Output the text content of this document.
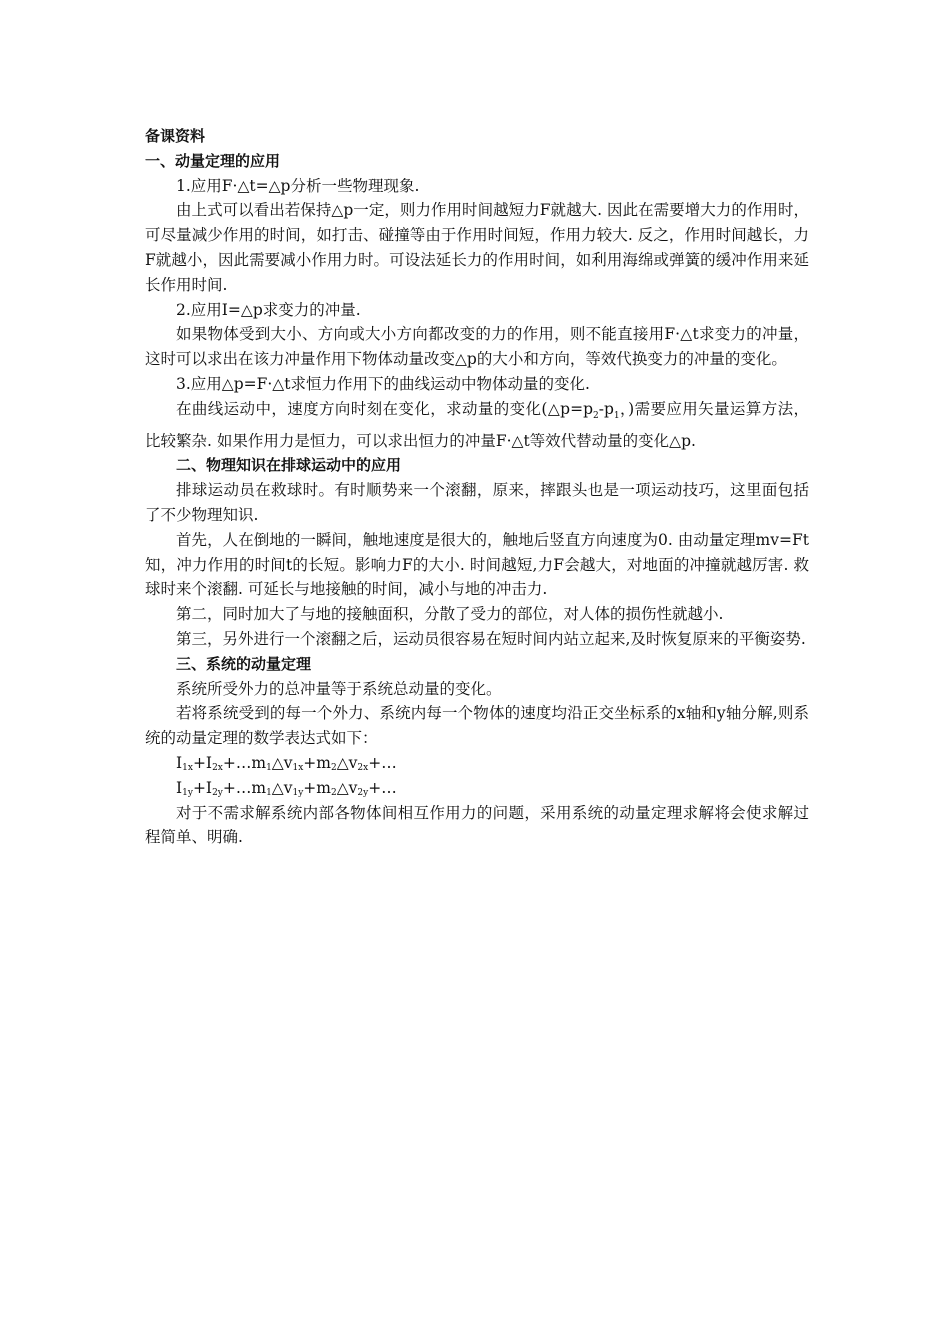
备课资料

一、动量定理的应用

1.应用F·△t=△p分析一些物理现象.

由上式可以看出若保持△p一定，则力作用时间越短力F就越大. 因此在需要增大力的作用时，可尽量减少作用的时间，如打击、碰撞等由于作用时间短，作用力较大. 反之，作用时间越长，力F就越小，因此需要减小作用力时。可设法延长力的作用时间，如利用海绵或弹簧的缓冲作用来延长作用时间.

2.应用I=△p求变力的冲量.

如果物体受到大小、方向或大小方向都改变的力的作用，则不能直接用F·△t求变力的冲量，这时可以求出在该力冲量作用下物体动量改变△p的大小和方向，等效代换变力的冲量的变化。

3.应用△p=F·△t求恒力作用下的曲线运动中物体动量的变化.

在曲线运动中，速度方向时刻在变化，求动量的变化($\triangle p=p_2-p_1$，)需要应用矢量运算方法，比较繁杂. 如果作用力是恒力，可以求出恒力的冲量F·△t等效代替动量的变化△p.

二、物理知识在排球运动中的应用

排球运动员在救球时。有时顺势来一个滚翻，原来，摔跟头也是一项运动技巧，这里面包括了不少物理知识.

首先，人在倒地的一瞬间，触地速度是很大的，触地后竖直方向速度为0. 由动量定理mv=Ft知，冲力作用的时间t的长短。影响力F的大小. 时间越短,力F会越大，对地面的冲撞就越厉害. 救球时来个滚翻. 可延长与地接触的时间，减小与地的冲击力.

第二，同时加大了与地的接触面积，分散了受力的部位，对人体的损伤性就越小.

第三，另外进行一个滚翻之后，运动员很容易在短时间内站立起来,及时恢复原来的平衡姿势.

三、系统的动量定理

系统所受外力的总冲量等于系统总动量的变化。

若将系统受到的每一个外力、系统内每一个物体的速度均沿正交坐标系的x轴和y轴分解,则系统的动量定理的数学表达式如下：

$I_{1x}+I_{2x}+\dots m_1\triangle v_{1x}+m_2\triangle v_{2x}+\dots$

$I_{1y}+I_{2y}+\dots m_1\triangle v_{1y}+m_2\triangle v_{2y}+\dots$

对于不需求解系统内部各物体间相互作用力的问题，采用系统的动量定理求解将会使求解过程简单、明确.
